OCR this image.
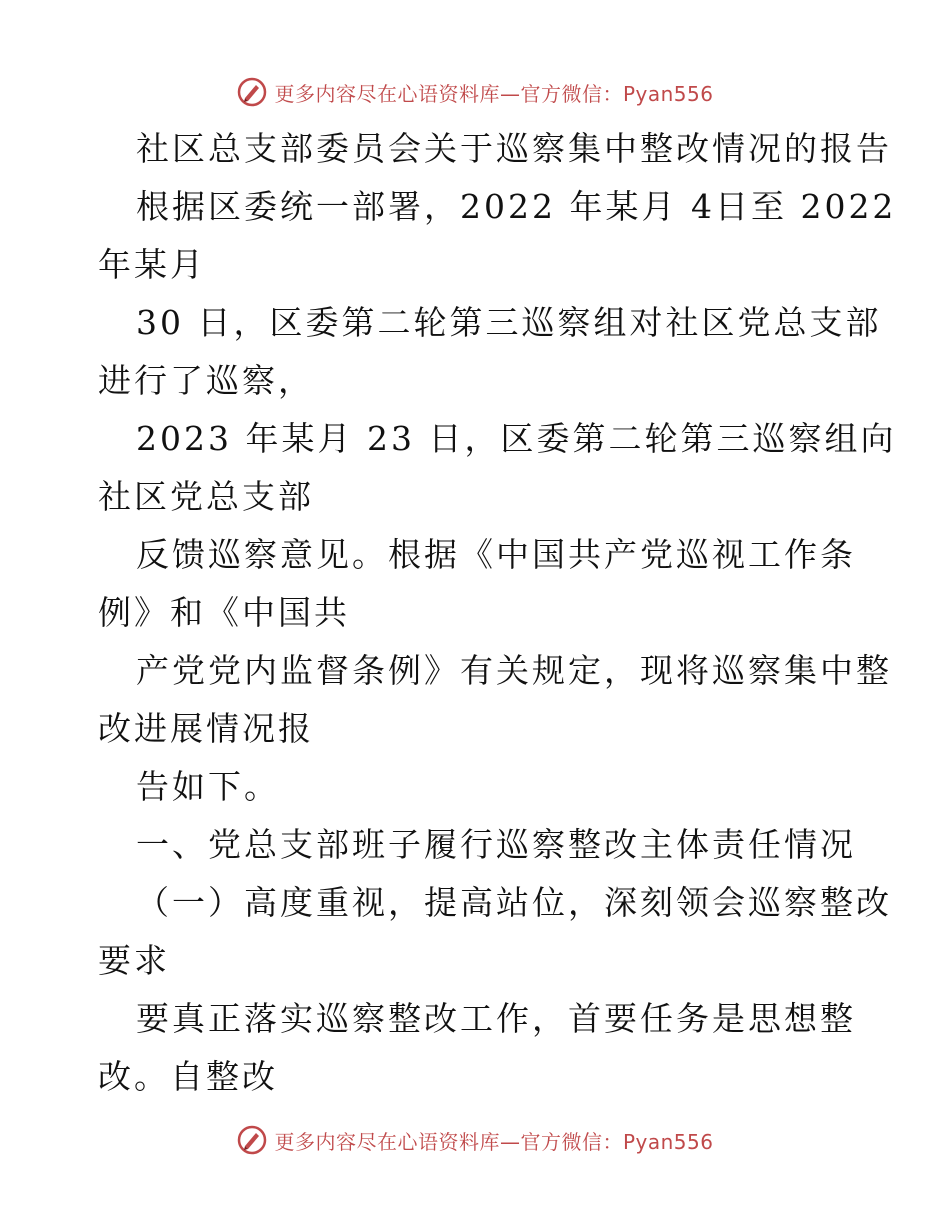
更多内容尽在心语资料库—官方微信：Pyan556
社区总支部委员会关于巡察集中整改情况的报告
根据区委统一部署，2022 年某月 4日至 2022
年某月
30 日，区委第二轮第三巡察组对社区党总支部
进行了巡察，
2023 年某月 23 日，区委第二轮第三巡察组向
社区党总支部
反馈巡察意见。根据《中国共产党巡视工作条
例》和《中国共
产党党内监督条例》有关规定，现将巡察集中整
改进展情况报
告如下。
一、党总支部班子履行巡察整改主体责任情况
（一）高度重视，提高站位，深刻领会巡察整改
要求
要真正落实巡察整改工作，首要任务是思想整
改。自整改
更多内容尽在心语资料库—官方微信：Pyan556
